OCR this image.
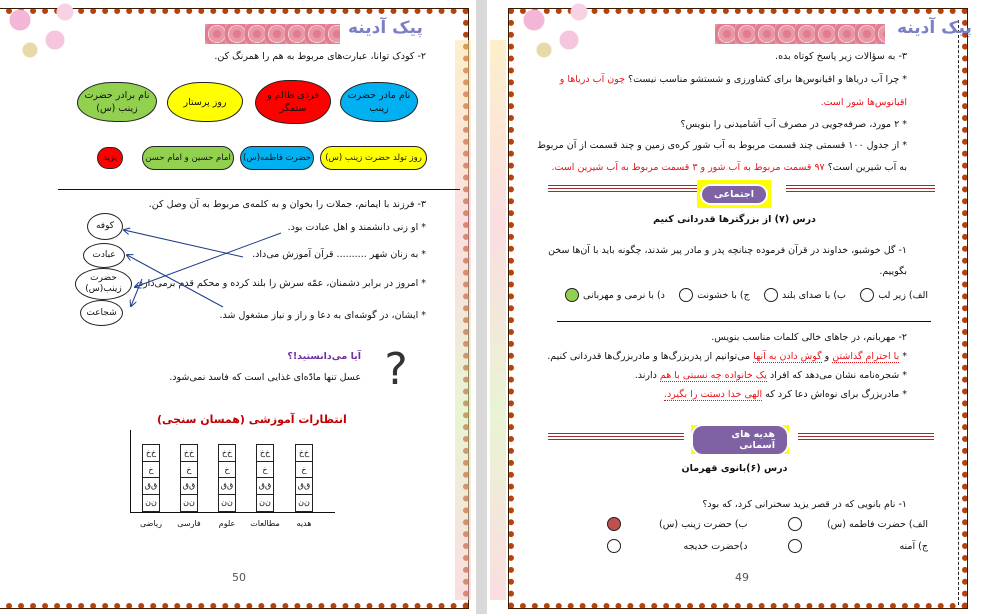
پیک آدینه
۲- کودک توانا، عبارت‌های مربوط به هم را همرنگ کن.
نام برادر حضرت زینب (س)
روز پرستار
فردی ظالم و ستمگر
نام مادر حضرت زینب
یزید	امام حسین و امام حسن	حضرت فاطمه(س)	روز تولد حضرت زینب (س)
۳- فرزند با ایمانم، جملات را بخوان و به کلمه‌ی مربوط به آن وصل کن.
* او زنی دانشمند و اهل عبادت بود.
* به زنان شهر .......... قرآن آموزش می‌داد.
* امروز در برابر دشمنان، عمّه سرش را بلند کرده و محکم قدم برمی‌دارد.
* ایشان، در گوشه‌ای به دعا و راز و نیاز مشغول شد.
کوفه
عبادت
حضرت زینب(س)
شجاعت
?
آیا می‌دانستید!؟
عسل تنها مادّه‌ای غذایی است که فاسد نمی‌شود.
انتظارات آموزشی (همسان سنجی)
خ‌خ
خ
ق‌ق
ن‌ن
ریاضی
خ‌خ
خ
ق‌ق
ن‌ن
فارسی
خ‌خ
خ
ق‌ق
ن‌ن
علوم
خ‌خ
خ
ق‌ق
ن‌ن
مطالعات
خ‌خ
خ
ق‌ق
ن‌ن
هدیه
50
پیک آدینه
۳- به سؤالات زیر پاسخ کوتاه بده.
* چرا آب دریاها و اقیانوس‌ها برای کشاورزی و شستشو مناسب نیست؟ چون آب دریاها و
اقیانوس‌ها شور است.
* ۲ مورد، صرفه‌جویی در مصرف آب آشامیدنی را بنویس؟
* از جدول ۱۰۰ قسمتی چند قسمت مربوط به آب شور کره‌ی زمین و چند قسمت از آن مربوط
به آب شیرین است؟ ۹۷ قسمت مربوط به آب شور و ۳ قسمت مربوط به آب شیرین است.
اجتماعی
درس (۷) از بزرگترها قدردانی کنیم
۱- گل خوشبو، خداوند در قرآن فرموده چنانچه پدر و مادر پیر شدند، چگونه باید با آن‌ها سخن
بگوییم.
الف) زیر لب
ب) با صدای بلند
ج) با خشونت
د) با نرمی و مهربانی
۲- مهربانم، در جاهای خالی کلمات مناسب بنویس.
* با احترام گذاشتن و گوش دادن به آنها می‌توانیم از پدربزرگ‌ها و مادربزرگ‌ها قدردانی کنیم.
* شجره‌نامه نشان می‌دهد که افراد یک خانواده چه نسبتی با هم دارند.
* مادربزرگ برای نوه‌اش دعا کرد که الهی خدا دستت را بگیرد.
هدیه های آسمانی
درس (۶)بانوی قهرمان
۱- نام بانویی که در قصر یزید سخنرانی کرد، که بود؟
الف) حضرت فاطمه (س)
ب) حضرت زینب (س)
ج) آمنه
د)حضرت خدیجه
49
